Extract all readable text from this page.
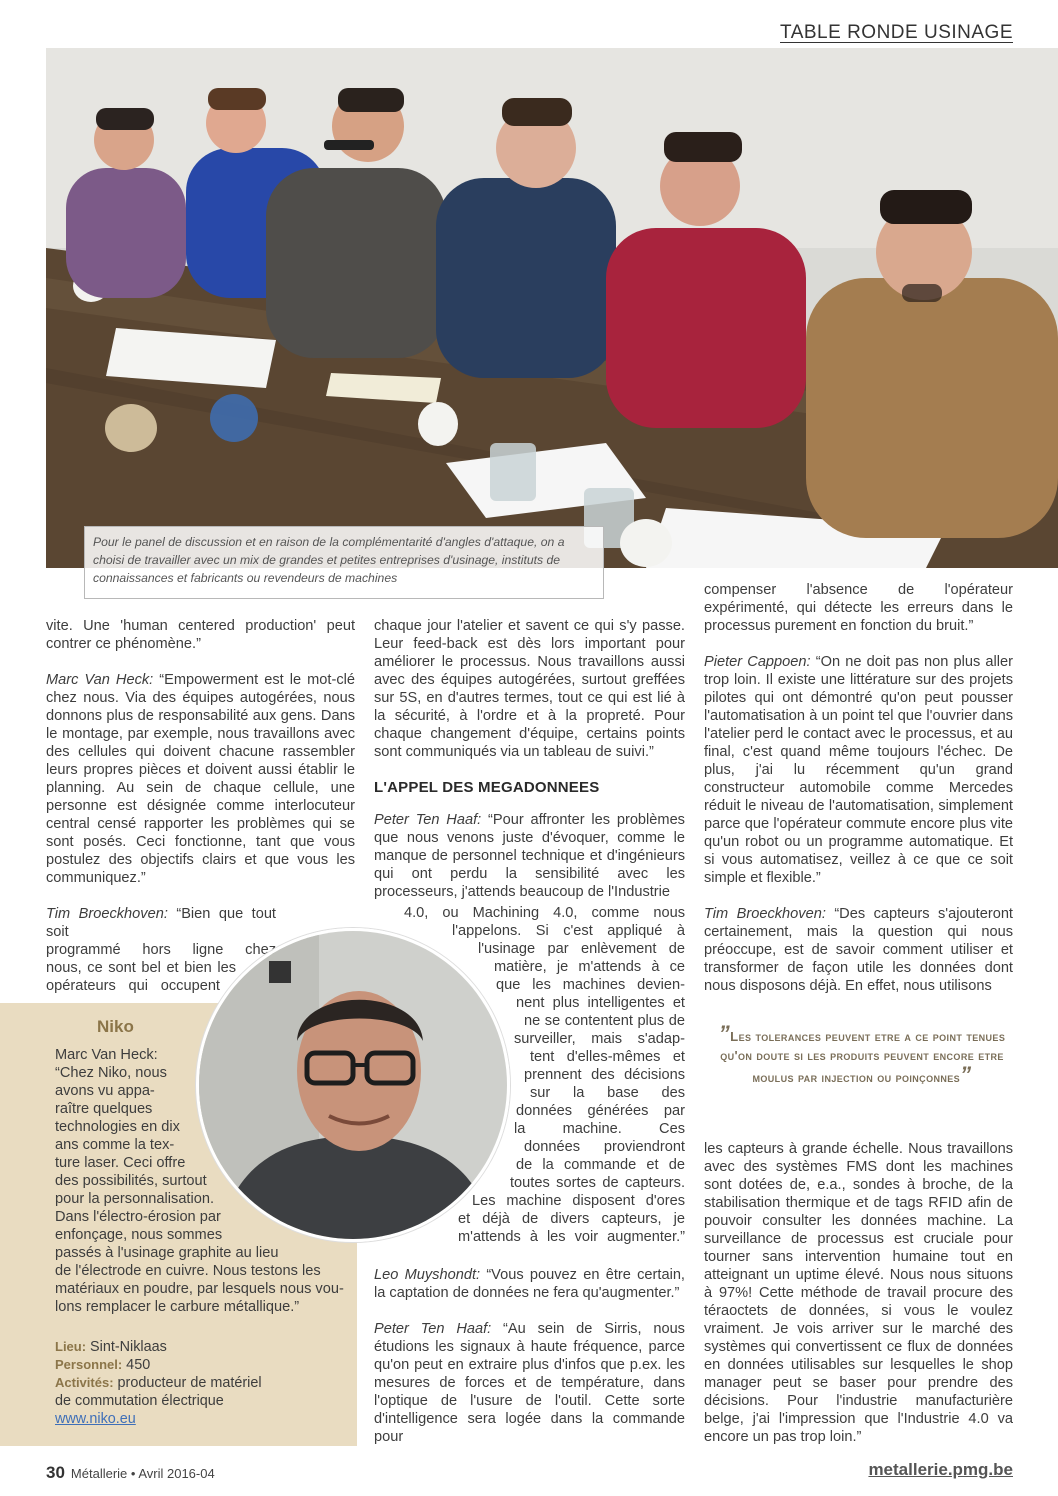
TABLE RONDE USINAGE
Pour le panel de discussion et en raison de la complémentarité d'angles d'attaque, on a choisi de travailler avec un mix de grandes et petites entreprises d'usinage, instituts de connaissances et fabricants ou revendeurs de machines

vite. Une 'human centered production' peut contrer ce phénomène.”

Marc Van Heck: “Empowerment est le mot-clé chez nous. Via des équipes autogérées, nous donnons plus de responsabilité aux gens. Dans le montage, par exemple, nous travaillons avec des cellules qui doivent chacune rassembler leurs propres pièces et doivent aussi établir le planning. Au sein de chaque cellule, une personne est désignée comme interlocuteur central censé rapporter les problèmes qui se sont posés. Ceci fonctionne, tant que vous postulez des objectifs clairs et que vous les communiquez.”

Tim Broeckhoven: “Bien que tout soit
programmé hors ligne chez
nous, ce sont bel et bien les
opérateurs qui occupent

chaque jour l'atelier et savent ce qui s'y passe. Leur feed-back est dès lors important pour améliorer le processus. Nous travaillons aussi avec des équipes autogérées, surtout greffées sur 5S, en d'autres termes, tout ce qui est lié à la sécurité, à l'ordre et à la propreté. Pour chaque changement d'équipe, certains points sont communiqués via un tableau de suivi.”

L'APPEL DES MEGADONNEES

Peter Ten Haaf: “Pour affronter les problèmes que nous venons juste d'évoquer, comme le manque de personnel technique et d'ingénieurs qui ont perdu la sensibilité avec les processeurs, j'attends beaucoup de l'Industrie

4.0, ou Machining 4.0, comme nous
l'appelons. Si c'est appliqué à
l'usinage par enlèvement de
matière, je m'attends à ce
que les machines devien-
nent plus intelligentes et
ne se contentent plus de
surveiller, mais s'adap-
tent d'elles-mêmes et
prennent des décisions
sur la base des
données générées par
la machine. Ces
données proviendront
de la commande et de
toutes sortes de capteurs.
Les machine disposent d'ores
et déjà de divers capteurs, je
m'attends à les voir augmenter.”

Leo Muyshondt: “Vous pouvez en être certain, la captation de données ne fera qu'augmenter.”

Peter Ten Haaf: “Au sein de Sirris, nous étudions les signaux à haute fréquence, parce qu'on peut en extraire plus d'infos que p.ex. les mesures de forces et de température, dans l'optique de l'usure de l'outil. Cette sorte d'intelligence sera logée dans la commande pour

compenser l'absence de l'opérateur expérimenté, qui détecte les erreurs dans le processus purement en fonction du bruit.”

Pieter Cappoen: “On ne doit pas non plus aller trop loin. Il existe une littérature sur des projets pilotes qui ont démontré qu'on peut pousser l'automatisation à un point tel que l'ouvrier dans l'atelier perd le contact avec le processus, et au final, c'est quand même toujours l'échec. De plus, j'ai lu récemment qu'un grand constructeur automobile comme Mercedes réduit le niveau de l'automatisation, simplement parce que l'opérateur commute encore plus vite qu'un robot ou un programme automatique. Et si vous automatisez, veillez à ce que ce soit simple et flexible.”

Tim Broeckhoven: “Des capteurs s'ajouteront certainement, mais la question qui nous préoccupe, est de savoir comment utiliser et transformer de façon utile les données dont nous disposons déjà. En effet, nous utilisons

”Les tolerances peuvent etre a ce point tenues qu'on doute si les produits peuvent encore etre moulus par injection ou poinçonnes”
les capteurs à grande échelle. Nous travaillons avec des systèmes FMS dont les machines sont dotées de, e.a., sondes à broche, de la stabilisation thermique et de tags RFID afin de pouvoir consulter les données machine. La surveillance de processus est cruciale pour tourner sans intervention humaine tout en atteignant un uptime élevé. Nous nous situons à 97%! Cette méthode de travail procure des téraoctets de données, si vous le voulez vraiment. Je vois arriver sur le marché des systèmes qui convertissent ce flux de données en données utilisables sur lesquelles le shop manager peut se baser pour prendre des décisions. Pour l'industrie manufacturière belge, j'ai l'impression que l'Industrie 4.0 va encore un pas trop loin.”
Niko
Marc Van Heck:
“Chez Niko, nous
avons vu appa-
raître quelques
technologies en dix
ans comme la tex-
ture laser. Ceci offre
des possibilités, surtout
pour la personnalisation.
Dans l'électro-érosion par
enfonçage, nous sommes
passés à l'usinage graphite au lieu
de l'électrode en cuivre. Nous testons les
matériaux en poudre, par lesquels nous vou-
lons remplacer le carbure métallique.”
Lieu: Sint-Niklaas
Personnel: 450
Activités: producteur de matériel de commutation électrique
www.niko.eu
30 Métallerie • Avril 2016-04	metallerie.pmg.be
